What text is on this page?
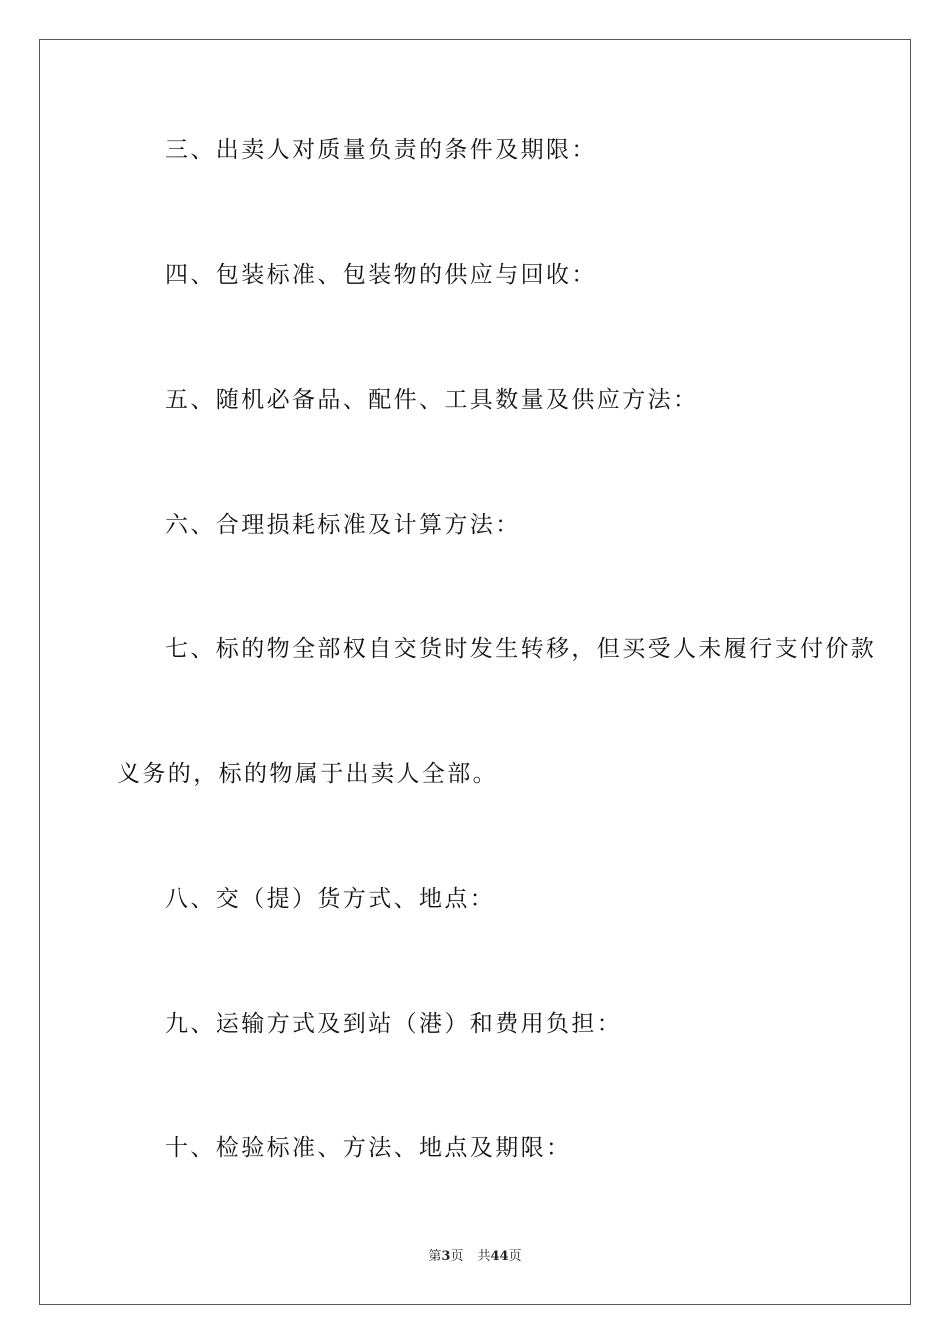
三、出卖人对质量负责的条件及期限：
四、包装标准、包装物的供应与回收：
五、随机必备品、配件、工具数量及供应方法：
六、合理损耗标准及计算方法：
七、标的物全部权自交货时发生转移，但买受人未履行支付价款
义务的，标的物属于出卖人全部。
八、交（提）货方式、地点：
九、运输方式及到站（港）和费用负担：
十、检验标准、方法、地点及期限：
第3页 共44页
